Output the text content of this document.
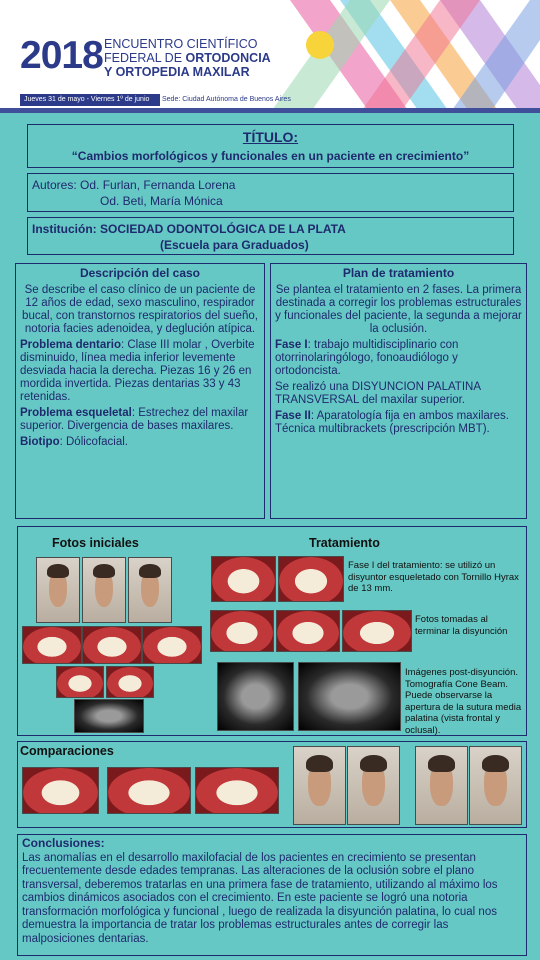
2018 ENCUENTRO CIENTÍFICO
FEDERAL DE ORTODONCIA
Y ORTOPEDIA MAXILAR
Jueves 31 de mayo - Viernes 1º de junio	Sede: Ciudad Autónoma de Buenos Aires
TÍTULO:
“Cambios morfológicos y funcionales en un paciente en crecimiento”
Autores: Od. Furlan, Fernanda Lorena
Od. Beti, María Mónica
Institución: SOCIEDAD ODONTOLÓGICA DE LA PLATA
(Escuela para Graduados)
Descripción del caso

Se describe el caso clínico de un paciente de 12 años de edad, sexo masculino, respirador bucal, con transtornos respiratorios del sueño, notoria facies adenoidea, y deglución atípica.

Problema dentario: Clase III molar , Overbite disminuido, línea media inferior levemente desviada hacia la derecha. Piezas 16 y 26 en mordida invertida. Piezas dentarias 33 y 43 retenidas.

Problema esqueletal: Estrechez del maxilar superior. Divergencia de bases maxilares.

Biotipo: Dólicofacial.

Plan de tratamiento

Se plantea el tratamiento en 2 fases. La primera destinada a corregir los problemas estructurales y funcionales del paciente, la segunda a mejorar la oclusión.

Fase I: trabajo multidisciplinario con otorrinolaringólogo, fonoaudiólogo y ortodoncista.

Se realizó una DISYUNCION PALATINA TRANSVERSAL del maxilar superior.

Fase II: Aparatología fija en ambos maxilares. Técnica multibrackets (prescripción MBT).

Fotos iniciales	Tratamiento
Fase I del tratamiento: se utilizó un disyuntor esqueletado con Tornillo Hyrax de 13 mm.
Fotos tomadas al terminar la disyunción
Imágenes post-disyunción. Tomografía Cone Beam. Puede observarse la apertura de la sutura media palatina (vista frontal y oclusal).
Comparaciones
Conclusiones:

Las anomalías en el desarrollo maxilofacial de los pacientes en crecimiento se presentan frecuentemente desde edades tempranas. Las alteraciones de la oclusión sobre el plano transversal, deberemos tratarlas en una primera fase de tratamiento, utilizando al máximo los cambios dinámicos asociados con el crecimiento. En este paciente se logró una notoria transformación morfológica y funcional , luego de realizada la disyunción palatina, lo cual nos demuestra la importancia de tratar los problemas estructurales antes de corregir las malposiciones dentarias.
